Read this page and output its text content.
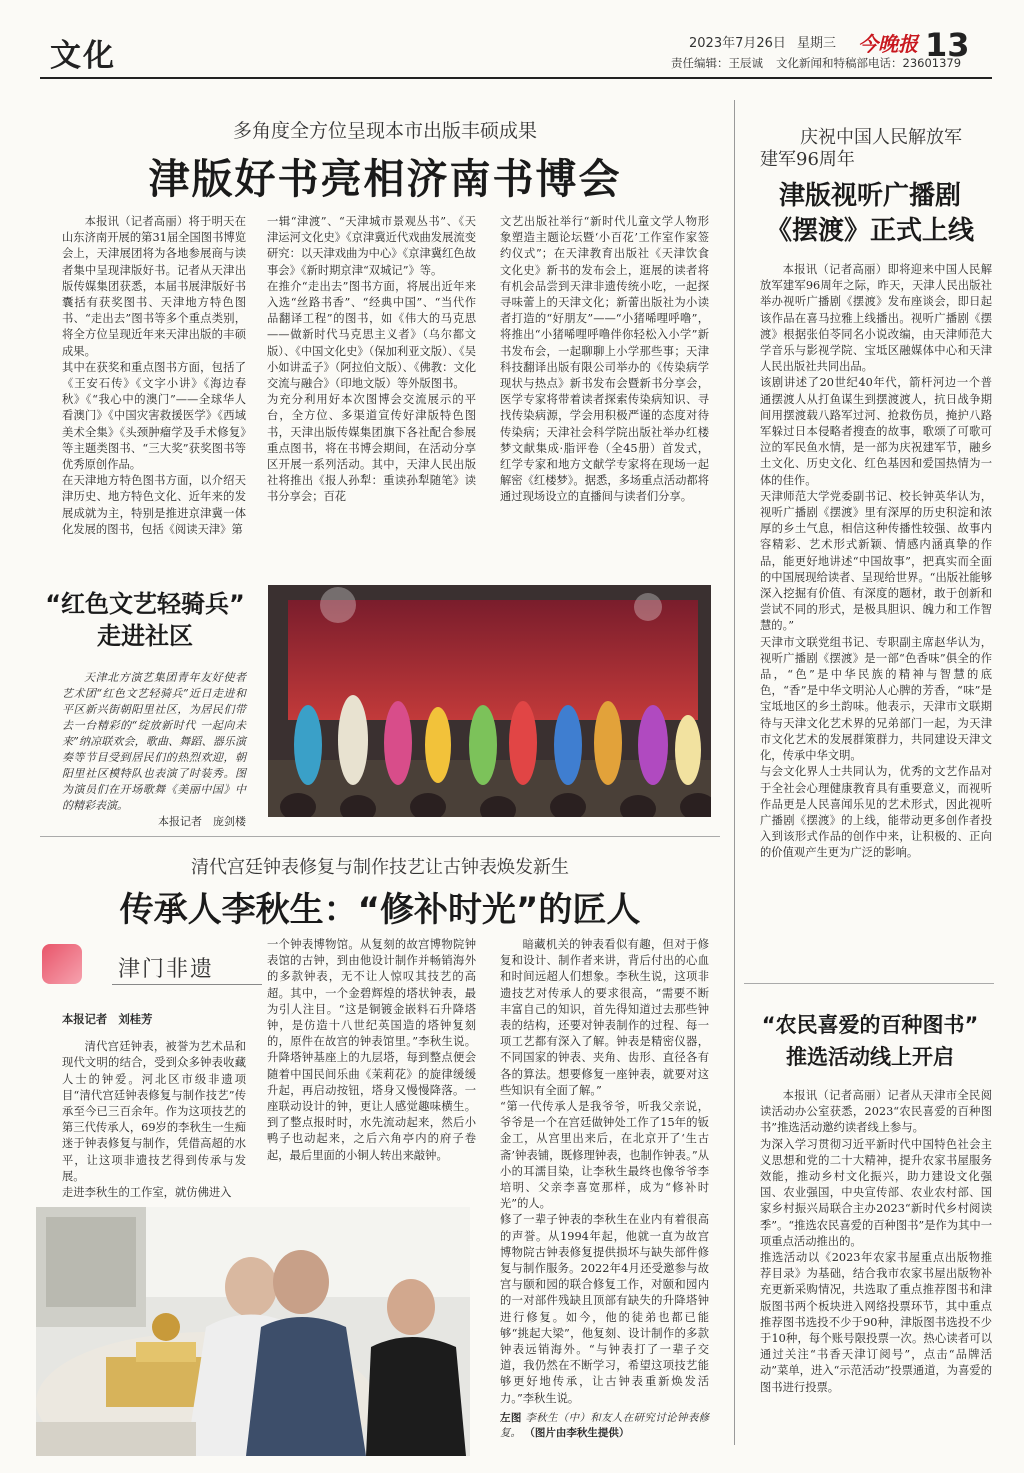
文化	2023年7月26日 星期三 今晚报 13
责任编辑：王辰诚 文化新闻和特稿部电话：23601379
多角度全方位呈现本市出版丰硕成果
津版好书亮相济南书博会
本报讯（记者高丽）将于明天在山东济南开展的第31届全国图书博览会上，天津展团将为各地参展商与读者集中呈现津版好书。记者从天津出版传媒集团获悉，本届书展津版好书囊括有获奖图书、天津地方特色图书、“走出去”图书等多个重点类别，将全方位呈现近年来天津出版的丰硕成果。
其中在获奖和重点图书方面，包括了《王安石传》《文字小讲》《海边春秋》《“我心中的澳门”——全球华人看澳门》《中国灾害救援医学》《西域美术全集》《头颈肿瘤学及手术修复》等主题类图书、“三大奖”获奖图书等优秀原创作品。
在天津地方特色图书方面，以介绍天津历史、地方特色文化、近年来的发展成就为主，特别是推进京津冀一体化发展的图书，包括《阅读天津》第
一辑“津渡”、“天津城市景观丛书”、《天津运河文化史》《京津冀近代戏曲发展流变研究：以天津戏曲为中心》《京津冀红色故事会》《新时期京津“双城记”》等。
在推介“走出去”图书方面，将展出近年来入选“丝路书香”、“经典中国”、“当代作品翻译工程”的图书，如《伟大的马克思——做新时代马克思主义者》（乌尔都文版）、《中国文化史》（保加利亚文版）、《吴小如讲孟子》（阿拉伯文版）、《佛教：文化交流与融合》（印地文版）等外版图书。
为充分利用好本次图博会交流展示的平台，全方位、多渠道宣传好津版特色图书，天津出版传媒集团旗下各社配合参展重点图书，将在书博会期间，在活动分享区开展一系列活动。其中，天津人民出版社将推出《报人孙犁：重读孙犁随笔》读书分享会；百花
文艺出版社举行“新时代儿童文学人物形象塑造主题论坛暨‘小百花’工作室作家签约仪式”；在天津教育出版社《天津饮食文化史》新书的发布会上，逛展的读者将有机会品尝到天津非遗传统小吃，一起探寻味蕾上的天津文化；新蕾出版社为小读者打造的“好朋友”——“小猪唏哩呼噜”，将推出“小猪唏哩呼噜伴你轻松入小学”新书发布会，一起聊聊上小学那些事；天津科技翻译出版有限公司举办的《传染病学现状与热点》新书发布会暨新书分享会，医学专家将带着读者探索传染病知识、寻找传染病源，学会用积极严谨的态度对待传染病；天津社会科学院出版社举办红楼梦文献集成·脂评卷（全45册）首发式，红学专家和地方文献学专家将在现场一起解密《红楼梦》。据悉，多场重点活动都将通过现场设立的直播间与读者们分享。
“红色文艺轻骑兵”
走进社区
天津北方演艺集团青年友好使者艺术团“红色文艺轻骑兵”近日走进和平区新兴街朝阳里社区，为居民们带去一台精彩的“绽放新时代 一起向未来”纳凉联欢会，歌曲、舞蹈、器乐演奏等节目受到居民们的热烈欢迎，朝阳里社区模特队也表演了时装秀。图为演员们在开场歌舞《美丽中国》中的精彩表演。
本报记者　庞剑楼
清代宫廷钟表修复与制作技艺让古钟表焕发新生
传承人李秋生：“修补时光”的匠人
津门非遗
本报记者　刘桂芳
清代宫廷钟表，被誉为艺术品和现代文明的结合，受到众多钟表收藏人士的钟爱。河北区市级非遗项目“清代宫廷钟表修复与制作技艺”传承至今已三百余年。作为这项技艺的第三代传承人，69岁的李秋生一生痴迷于钟表修复与制作，凭借高超的水平，让这项非遗技艺得到传承与发展。
走进李秋生的工作室，就仿佛进入
一个钟表博物馆。从复刻的故宫博物院钟表馆的古钟，到由他设计制作并畅销海外的多款钟表，无不让人惊叹其技艺的高超。其中，一个金碧辉煌的塔状钟表，最为引人注目。“这是铜镀金嵌料石升降塔钟，是仿造十八世纪英国造的塔钟复刻的，原件在故宫的钟表馆里。”李秋生说。升降塔钟基座上的九层塔，每到整点便会随着中国民间乐曲《茉莉花》的旋律缓缓升起，再启动按钮，塔身又慢慢降落。一座联动设计的钟，更让人感觉趣味横生。到了整点报时时，水先流动起来，然后小鸭子也动起来，之后六角亭内的府子卷起，最后里面的小铜人转出来敲钟。
暗藏机关的钟表看似有趣，但对于修复和设计、制作者来讲，背后付出的心血和时间远超人们想象。李秋生说，这项非遗技艺对传承人的要求很高，“需要不断丰富自己的知识，首先得知道过去那些钟表的结构，还要对钟表制作的过程、每一项工艺都有深入了解。钟表是精密仪器，不同国家的钟表、夹角、齿形、直径各有各的算法。想要修复一座钟表，就要对这些知识有全面了解。”
“第一代传承人是我爷爷，听我父亲说，爷爷是一个在宫廷做钟处工作了15年的钣金工，从宫里出来后，在北京开了‘生古斋’钟表铺，既修理钟表，也制作钟表。”从小的耳濡目染，让李秋生最终也像爷爷李培明、父亲李喜宽那样，成为“修补时光”的人。
修了一辈子钟表的李秋生在业内有着很高的声誉。从1994年起，他就一直为故宫博物院古钟表修复提供损坏与缺失部件修复与制作服务。2022年4月还受邀参与故宫与颐和园的联合修复工作，对颐和园内的一对部件残缺且顶部有缺失的升降塔钟进行修复。如今，他的徒弟也都已能够“挑起大梁”，他复刻、设计制作的多款钟表远销海外。“与钟表打了一辈子交道，我仍然在不断学习，希望这项技艺能够更好地传承，让古钟表重新焕发活力。”李秋生说。
左图 李秋生（中）和友人在研究讨论钟表修复。 （图片由李秋生提供）
庆祝中国人民解放军
建军96周年
津版视听广播剧
《摆渡》正式上线
本报讯（记者高丽）即将迎来中国人民解放军建军96周年之际，昨天，天津人民出版社举办视听广播剧《摆渡》发布座谈会，即日起该作品在喜马拉雅上线播出。视听广播剧《摆渡》根据张伯苓同名小说改编，由天津师范大学音乐与影视学院、宝坻区融媒体中心和天津人民出版社共同出品。
该剧讲述了20世纪40年代，箭杆河边一个普通摆渡人从打鱼谋生到摆渡渡人，抗日战争期间用摆渡载八路军过河、抢救伤员，掩护八路军躲过日本侵略者搜查的故事，歌颂了可歌可泣的军民鱼水情，是一部为庆祝建军节，融乡土文化、历史文化、红色基因和爱国热情为一体的佳作。
天津师范大学党委副书记、校长钟英华认为，视听广播剧《摆渡》里有深厚的历史积淀和浓厚的乡土气息，相信这种传播性较强、故事内容精彩、艺术形式新颖、情感内涵真挚的作品，能更好地讲述“中国故事”，把真实而全面的中国展现给读者、呈现给世界。“出版社能够深入挖掘有价值、有深度的题材，敢于创新和尝试不同的形式，是极具胆识、魄力和工作智慧的。”
天津市文联党组书记、专职副主席赵华认为，视听广播剧《摆渡》是一部“色香味”俱全的作品，“色”是中华民族的精神与智慧的底色，“香”是中华文明沁人心脾的芳香，“味”是宝坻地区的乡土韵味。他表示，天津市文联期待与天津文化艺术界的兄弟部门一起，为天津市文化艺术的发展群策群力，共同建设天津文化，传承中华文明。
与会文化界人士共同认为，优秀的文艺作品对于全社会心理健康教育具有重要意义，而视听作品更是人民喜闻乐见的艺术形式，因此视听广播剧《摆渡》的上线，能带动更多创作者投入到该形式作品的创作中来，让积极的、正向的价值观产生更为广泛的影响。
“农民喜爱的百种图书”
推选活动线上开启
本报讯（记者高丽）记者从天津市全民阅读活动办公室获悉，2023“农民喜爱的百种图书”推选活动邀约读者线上参与。
为深入学习贯彻习近平新时代中国特色社会主义思想和党的二十大精神，提升农家书屋服务效能，推动乡村文化振兴，助力建设文化强国、农业强国，中央宣传部、农业农村部、国家乡村振兴局联合主办2023“新时代乡村阅读季”。“推选农民喜爱的百种图书”是作为其中一项重点活动推出的。
推选活动以《2023年农家书屋重点出版物推荐目录》为基础，结合我市农家书屋出版物补充更新采购情况，共选取了重点推荐图书和津版图书两个板块进入网络投票环节，其中重点推荐图书选投不少于90种，津版图书选投不少于10种，每个账号限投票一次。热心读者可以通过关注“书香天津订阅号”，点击“品牌活动”菜单，进入“示范活动”投票通道，为喜爱的图书进行投票。
